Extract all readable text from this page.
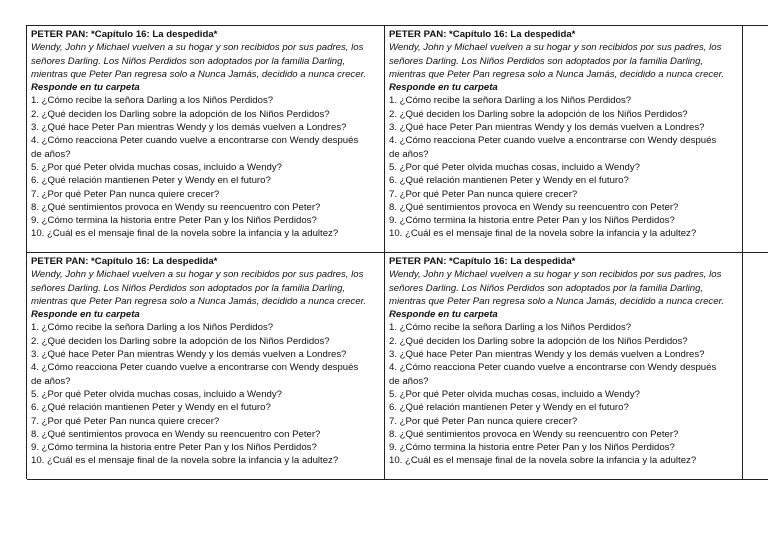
PETER PAN: *Capítulo 16: La despedida*
Wendy, John y Michael vuelven a su hogar y son recibidos por sus padres, los
señores Darling. Los Niños Perdidos son adoptados por la familia Darling,
mientras que Peter Pan regresa solo a Nunca Jamás, decidido a nunca crecer.
Responde en tu carpeta
1. ¿Cómo recibe la señora Darling a los Niños Perdidos?
2. ¿Qué deciden los Darling sobre la adopción de los Niños Perdidos?
3. ¿Qué hace Peter Pan mientras Wendy y los demás vuelven a Londres?
4. ¿Cómo reacciona Peter cuando vuelve a encontrarse con Wendy después
de años?
5. ¿Por qué Peter olvida muchas cosas, incluido a Wendy?
6. ¿Qué relación mantienen Peter y Wendy en el futuro?
7. ¿Por qué Peter Pan nunca quiere crecer?
8. ¿Qué sentimientos provoca en Wendy su reencuentro con Peter?
9. ¿Cómo termina la historia entre Peter Pan y los Niños Perdidos?
10. ¿Cuál es el mensaje final de la novela sobre la infancia y la adultez?
PETER PAN: *Capítulo 16: La despedida*
Wendy, John y Michael vuelven a su hogar y son recibidos por sus padres, los
señores Darling. Los Niños Perdidos son adoptados por la familia Darling,
mientras que Peter Pan regresa solo a Nunca Jamás, decidido a nunca crecer.
Responde en tu carpeta
1. ¿Cómo recibe la señora Darling a los Niños Perdidos?
2. ¿Qué deciden los Darling sobre la adopción de los Niños Perdidos?
3. ¿Qué hace Peter Pan mientras Wendy y los demás vuelven a Londres?
4. ¿Cómo reacciona Peter cuando vuelve a encontrarse con Wendy después
de años?
5. ¿Por qué Peter olvida muchas cosas, incluido a Wendy?
6. ¿Qué relación mantienen Peter y Wendy en el futuro?
7. ¿Por qué Peter Pan nunca quiere crecer?
8. ¿Qué sentimientos provoca en Wendy su reencuentro con Peter?
9. ¿Cómo termina la historia entre Peter Pan y los Niños Perdidos?
10. ¿Cuál es el mensaje final de la novela sobre la infancia y la adultez?
PETER PAN: *Capítulo 16: La despedida*
Wendy, John y Michael vuelven a su hogar y son recibidos por sus padres, los
señores Darling. Los Niños Perdidos son adoptados por la familia Darling,
mientras que Peter Pan regresa solo a Nunca Jamás, decidido a nunca crecer.
Responde en tu carpeta
1. ¿Cómo recibe la señora Darling a los Niños Perdidos?
2. ¿Qué deciden los Darling sobre la adopción de los Niños Perdidos?
3. ¿Qué hace Peter Pan mientras Wendy y los demás vuelven a Londres?
4. ¿Cómo reacciona Peter cuando vuelve a encontrarse con Wendy después
de años?
5. ¿Por qué Peter olvida muchas cosas, incluido a Wendy?
6. ¿Qué relación mantienen Peter y Wendy en el futuro?
7. ¿Por qué Peter Pan nunca quiere crecer?
8. ¿Qué sentimientos provoca en Wendy su reencuentro con Peter?
9. ¿Cómo termina la historia entre Peter Pan y los Niños Perdidos?
10. ¿Cuál es el mensaje final de la novela sobre la infancia y la adultez?
PETER PAN: *Capítulo 16: La despedida*
Wendy, John y Michael vuelven a su hogar y son recibidos por sus padres, los
señores Darling. Los Niños Perdidos son adoptados por la familia Darling,
mientras que Peter Pan regresa solo a Nunca Jamás, decidido a nunca crecer.
Responde en tu carpeta
1. ¿Cómo recibe la señora Darling a los Niños Perdidos?
2. ¿Qué deciden los Darling sobre la adopción de los Niños Perdidos?
3. ¿Qué hace Peter Pan mientras Wendy y los demás vuelven a Londres?
4. ¿Cómo reacciona Peter cuando vuelve a encontrarse con Wendy después
de años?
5. ¿Por qué Peter olvida muchas cosas, incluido a Wendy?
6. ¿Qué relación mantienen Peter y Wendy en el futuro?
7. ¿Por qué Peter Pan nunca quiere crecer?
8. ¿Qué sentimientos provoca en Wendy su reencuentro con Peter?
9. ¿Cómo termina la historia entre Peter Pan y los Niños Perdidos?
10. ¿Cuál es el mensaje final de la novela sobre la infancia y la adultez?
